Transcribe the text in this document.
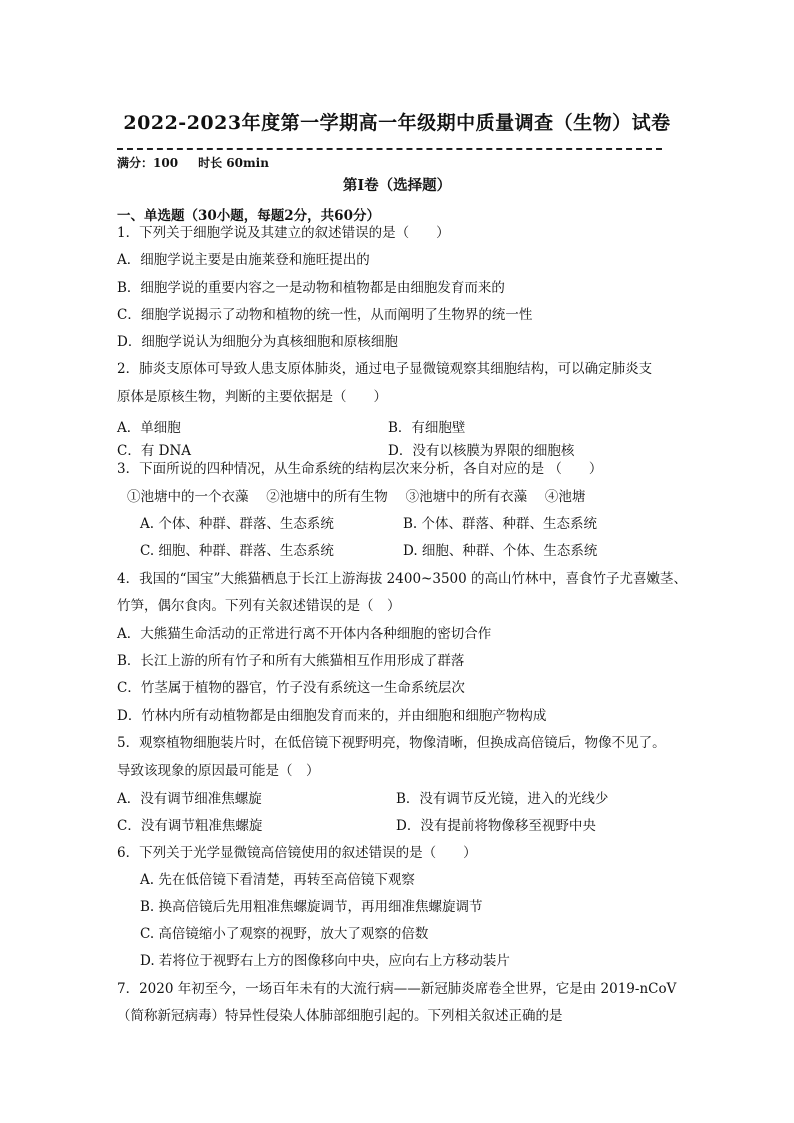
2022-2023年度第一学期高一年级期中质量调查（生物）试卷
满分：100 时长 60min
第Ⅰ卷（选择题）
一、单选题（30小题，每题2分，共60分）
1．下列关于细胞学说及其建立的叙述错误的是（　　）
A．细胞学说主要是由施莱登和施旺提出的
B．细胞学说的重要内容之一是动物和植物都是由细胞发育而来的
C．细胞学说揭示了动物和植物的统一性，从而阐明了生物界的统一性
D．细胞学说认为细胞分为真核细胞和原核细胞
2．肺炎支原体可导致人患支原体肺炎，通过电子显微镜观察其细胞结构，可以确定肺炎支
原体是原核生物，判断的主要依据是（　　）
A．单细胞	B．有细胞壁
C．有 DNA	D．没有以核膜为界限的细胞核
3．下面所说的四种情况，从生命系统的结构层次来分析，各自对应的是 （　　）
①池塘中的一个衣藻　 ②池塘中的所有生物　 ③池塘中的所有衣藻　 ④池塘
A. 个体、种群、群落、生态系统	B. 个体、群落、种群、生态系统
C. 细胞、种群、群落、生态系统	D. 细胞、种群、个体、生态系统
4．我国的“国宝”大熊猫栖息于长江上游海拔 2400~3500 的高山竹林中，喜食竹子尤喜嫩茎、
竹笋，偶尔食肉。下列有关叙述错误的是（　）
A．大熊猫生命活动的正常进行离不开体内各种细胞的密切合作
B．长江上游的所有竹子和所有大熊猫相互作用形成了群落
C．竹茎属于植物的器官，竹子没有系统这一生命系统层次
D．竹林内所有动植物都是由细胞发育而来的，并由细胞和细胞产物构成
5．观察植物细胞装片时，在低倍镜下视野明亮，物像清晰，但换成高倍镜后，物像不见了。
导致该现象的原因最可能是（　）
A．没有调节细准焦螺旋	B．没有调节反光镜，进入的光线少
C．没有调节粗准焦螺旋	D．没有提前将物像移至视野中央
6．下列关于光学显微镜高倍镜使用的叙述错误的是（　　）
A. 先在低倍镜下看清楚，再转至高倍镜下观察
B. 换高倍镜后先用粗准焦螺旋调节，再用细准焦螺旋调节
C. 高倍镜缩小了观察的视野，放大了观察的倍数
D. 若将位于视野右上方的图像移向中央，应向右上方移动装片
7．2020 年初至今，一场百年未有的大流行病——新冠肺炎席卷全世界，它是由 2019-nCoV
（简称新冠病毒）特异性侵染人体肺部细胞引起的。下列相关叙述正确的是
